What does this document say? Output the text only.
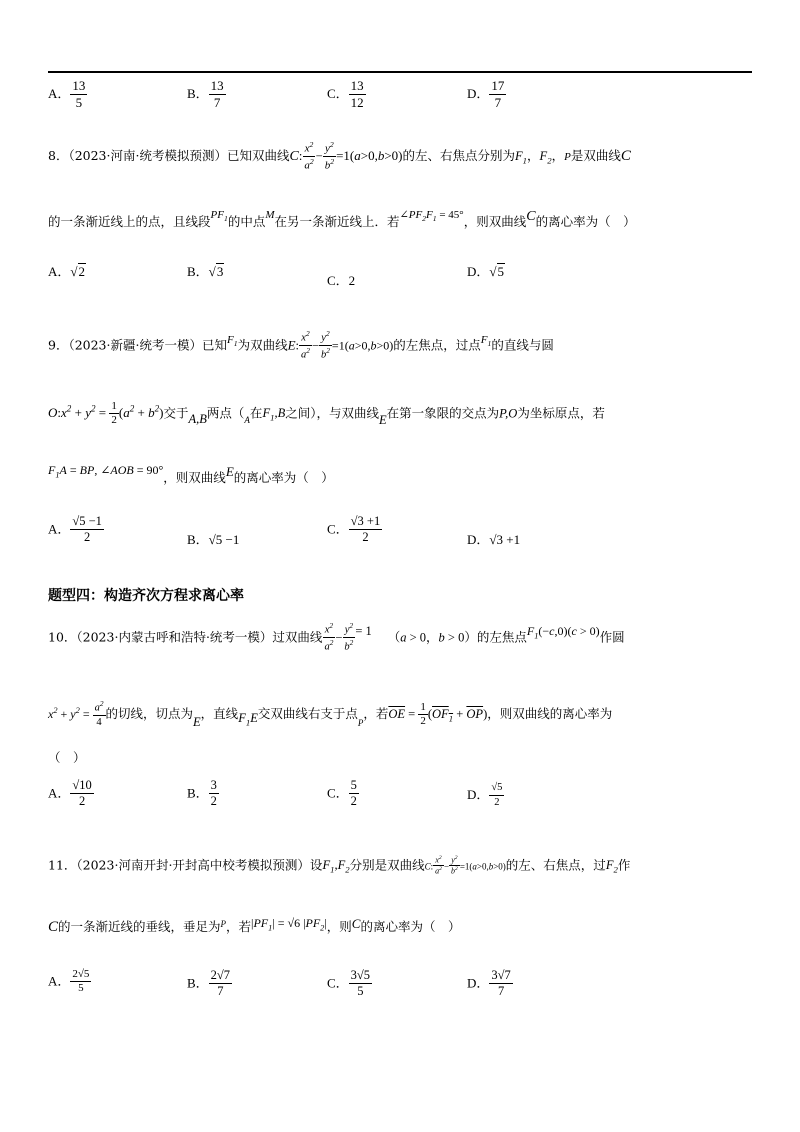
A． $\frac{13}{5}$	B． $\frac{13}{7}$	C． $\frac{13}{12}$	D． $\frac{17}{7}$
8．（2023·河南·统考模拟预测）已知双曲线C: $\frac{x^2}{a^2} - \frac{y^2}{b^2} =1(a>0,b>0)$的左、右焦点分别为$F_1$，$F_2$，P是双曲线C
的一条渐近线上的点，且线段$PF_1$的中点M在另一条渐近线上．若$\angle PF_2F_1 = 45^\circ$，则双曲线C的离心率为（　）
A．√2	B．√3
C．2
D．√5
9．（2023·新疆·统考一模）已知$F_1$为双曲线E: $\frac{x^2}{a^2} - \frac{y^2}{b^2} =1(a>0,b>0)$的左焦点，过点$F_1$的直线与圆
$O:x^2 + y^2 = \frac{1}{2} (a^2 + b^2)$交于A,B两点（$_A$在$F_1,B$之间），与双曲线E在第一象限的交点为P,O为坐标原点，若
$F_1A$ = BP, ∠AOB = 90°，则双曲线E的离心率为（　）
A． $\frac{√5 -1}{2}$	B．√5 −1
C． $\frac{√3 +1}{2}$	D．√3 +1
题型四：构造齐次方程求离心率
10．（2023·内蒙古呼和浩特·统考一模）过双曲线 $\frac{x^2}{a^2} - \frac{y^2}{b^2} = 1$ （a > 0，b > 0）的左焦点$F_1(-c,0)(c > 0)$作圆
$x^2 + y^2 = \frac{a^2}{4}$ 的切线，切点为E，直线$F_1E$交双曲线右支于点$_P$，若$\overline{OE} = \frac{1}{2} (OF_1 + \overline{OP})$，则双曲线的离心率为
（　）
A． $\frac{√10}{2}$	B． $\frac{3}{2}$	C． $\frac{5}{2}$	D． $\frac{√5}{2}$
11．（2023·河南开封·开封高中校考模拟预测）设$F_1,F_2$分别是双曲线C: $\frac{x^2}{a^2} - \frac{y^2}{b^2} =1(a>0,b>0)$的左、右焦点，过$F_2$作
C的一条渐近线的垂线，垂足为$^P$，若$|PF_1| = √6$ $|PF_2|$，则C的离心率为（　）
A． $\frac{2√5}{5}$	B． $\frac{2√7}{7}$	C． $\frac{3√5}{5}$	D． $\frac{3√7}{7}$
